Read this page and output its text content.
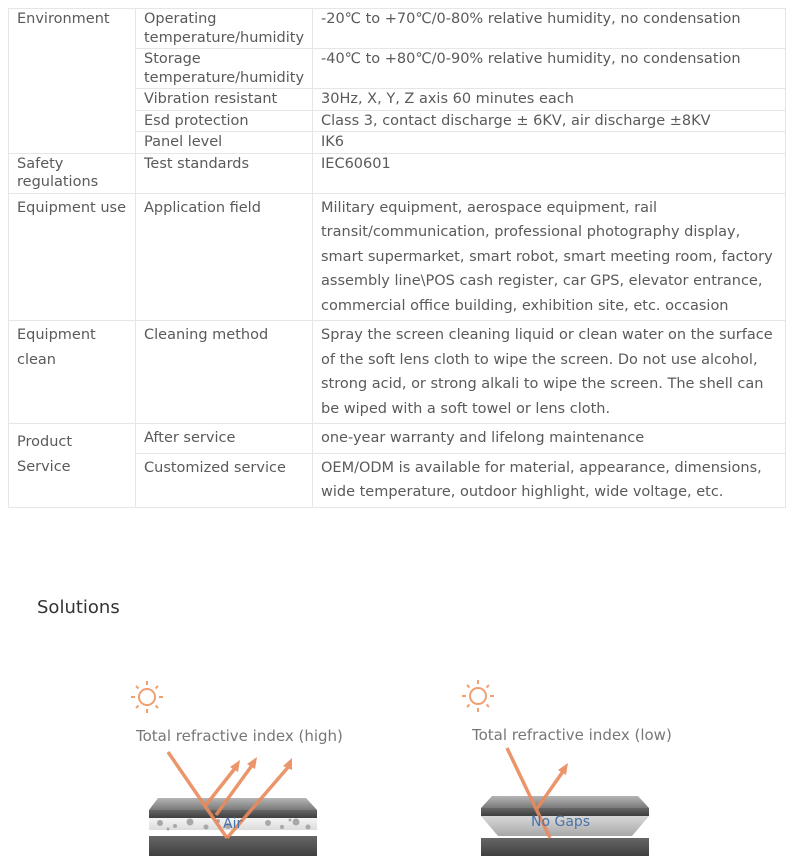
Environment	Operating temperature/humidity	-20℃ to +70℃/0-80% relative humidity, no condensation
	Storage temperature/humidity	-40℃ to +80℃/0-90% relative humidity, no condensation
	Vibration resistant	30Hz, X, Y, Z axis 60 minutes each
	Esd protection	Class 3, contact discharge ± 6KV, air discharge ±8KV
	Panel level	IK6
Safety regulations	Test standards	IEC60601
Equipment use	Application field	Military equipment, aerospace equipment, rail transit/communication, professional photography display, smart supermarket, smart robot, smart meeting room, factory assembly line\POS cash register, car GPS, elevator entrance, commercial office building, exhibition site, etc. occasion
Equipment clean	Cleaning method	Spray the screen cleaning liquid or clean water on the surface of the soft lens cloth to wipe the screen. Do not use alcohol, strong acid, or strong alkali to wipe the screen. The shell can be wiped with a soft towel or lens cloth.
Product Service	After service	one-year warranty and lifelong maintenance
	Customized service	OEM/ODM is available for material, appearance, dimensions, wide temperature, outdoor highlight, wide voltage, etc.
Solutions
Total refractive index (high)
Air
Total refractive index (low)
No Gaps
